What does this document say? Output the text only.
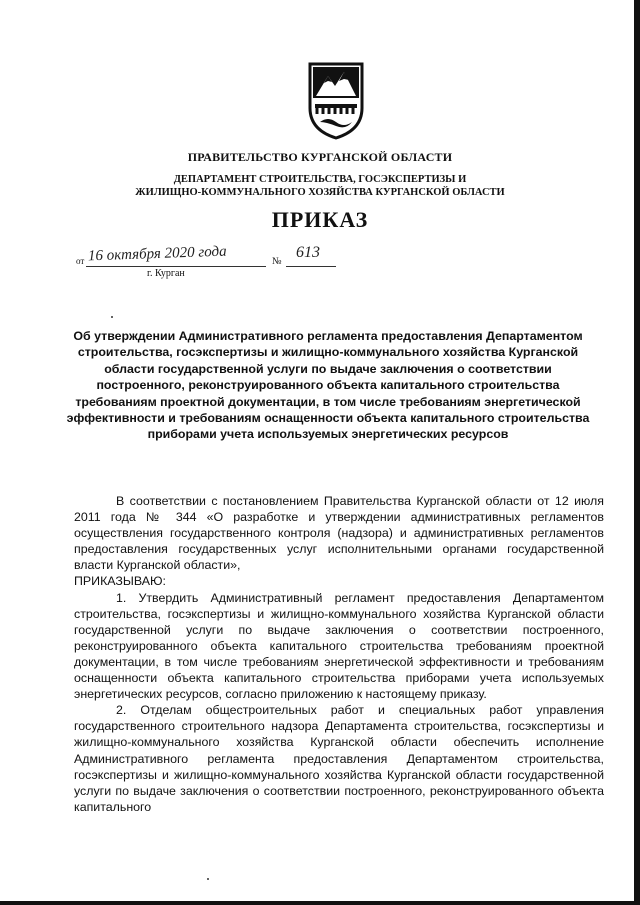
ПРАВИТЕЛЬСТВО КУРГАНСКОЙ ОБЛАСТИ
ДЕПАРТАМЕНТ СТРОИТЕЛЬСТВА, ГОСЭКСПЕРТИЗЫ И
ЖИЛИЩНО-КОММУНАЛЬНОГО ХОЗЯЙСТВА КУРГАНСКОЙ ОБЛАСТИ
ПРИКАЗ
от 16 октября 2020 года	№
613
г. Курган
Об утверждении Административного регламента предоставления Департаментом строительства, госэкспертизы и жилищно-коммунального хозяйства Курганской области государственной услуги по выдаче заключения о соответствии построенного, реконструированного объекта капитального строительства требованиям проектной документации, в том числе требованиям энергетической эффективности и требованиям оснащенности объекта капитального строительства приборами учета используемых энергетических ресурсов

В соответствии с постановлением Правительства Курганской области от 12 июля 2011 года № 344 «О разработке и утверждении административных регламентов осуществления государственного контроля (надзора) и административных регламентов предоставления государственных услуг исполнительными органами государственной власти Курганской области»,

ПРИКАЗЫВАЮ:

1. Утвердить Административный регламент предоставления Департаментом строительства, госэкспертизы и жилищно-коммунального хозяйства Курганской области государственной услуги по выдаче заключения о соответствии построенного, реконструированного объекта капитального строительства требованиям проектной документации, в том числе требованиям энергетической эффективности и требованиям оснащенности объекта капитального строительства приборами учета используемых энергетических ресурсов, согласно приложению к настоящему приказу.

2. Отделам общестроительных работ и специальных работ управления государственного строительного надзора Департамента строительства, госэкспертизы и жилищно-коммунального хозяйства Курганской области обеспечить исполнение Административного регламента предоставления Департаментом строительства, госэкспертизы и жилищно-коммунального хозяйства Курганской области государственной услуги по выдаче заключения о соответствии построенного, реконструированного объекта капитального
